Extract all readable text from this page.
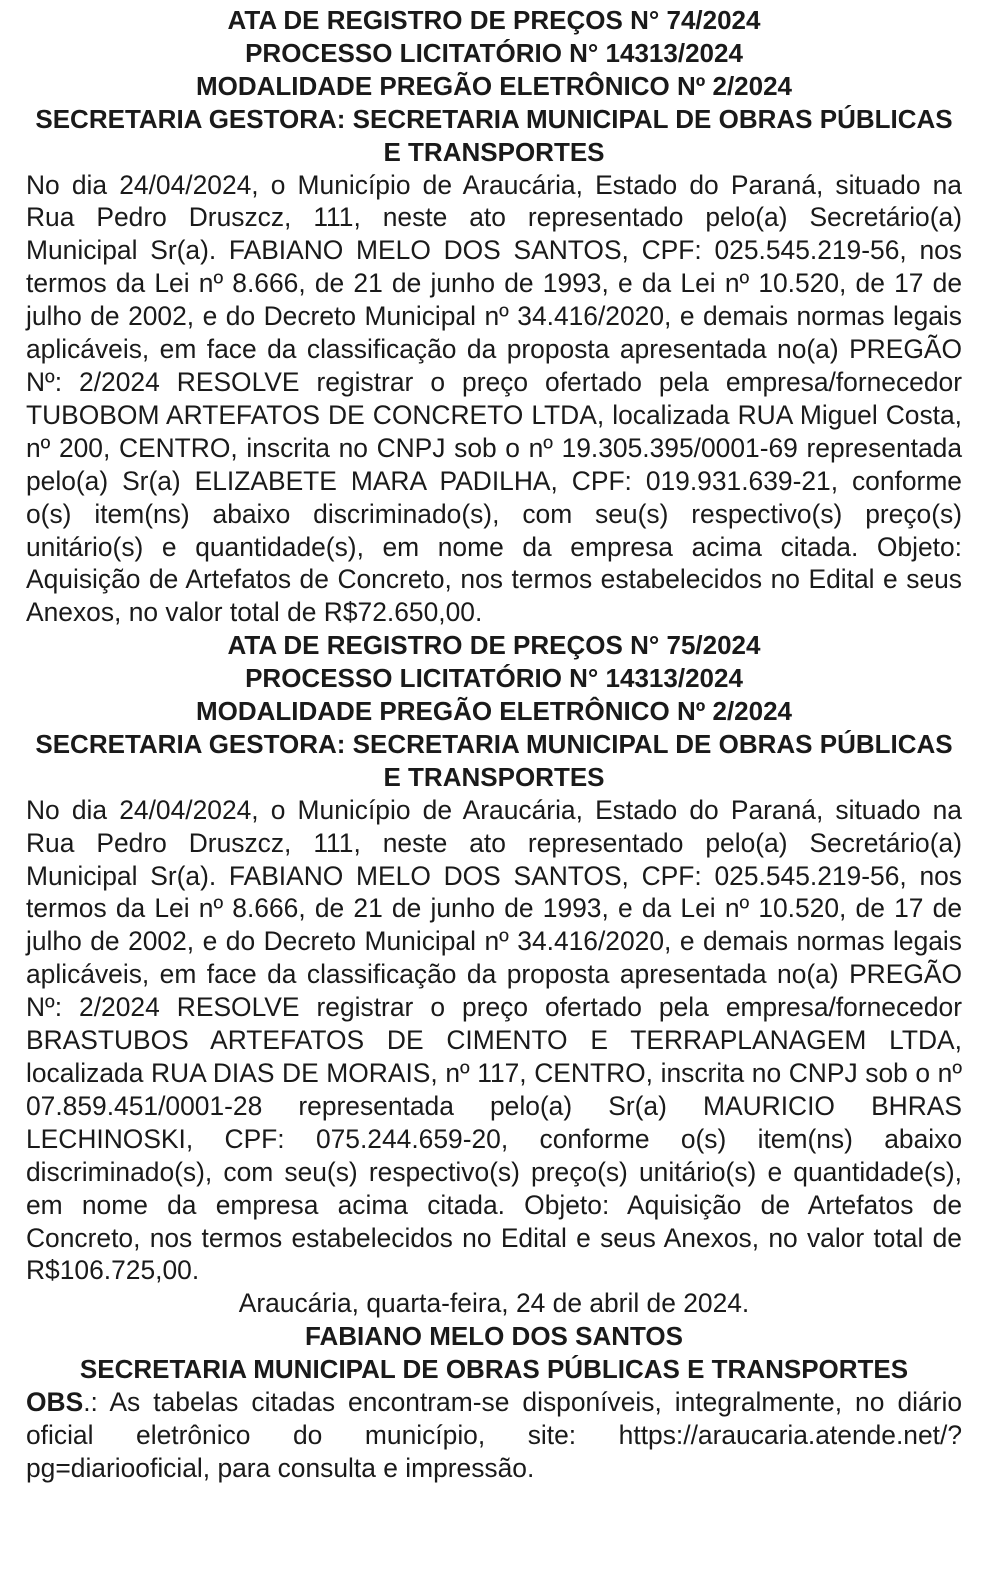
ATA DE REGISTRO DE PREÇOS N° 74/2024

PROCESSO LICITATÓRIO N° 14313/2024

MODALIDADE PREGÃO ELETRÔNICO Nº 2/2024

SECRETARIA GESTORA: SECRETARIA MUNICIPAL DE OBRAS PÚBLICAS E TRANSPORTES

No dia 24/04/2024, o Município de Araucária, Estado do Paraná, situado na Rua Pedro Druszcz, 111, neste ato representado pelo(a) Secretário(a) Municipal Sr(a). FABIANO MELO DOS SANTOS, CPF: 025.545.219-56, nos termos da Lei nº 8.666, de 21 de junho de 1993, e da Lei nº 10.520, de 17 de julho de 2002, e do Decreto Municipal nº 34.416/2020, e demais normas legais aplicáveis, em face da classificação da proposta apresentada no(a) PREGÃO Nº: 2/2024 RESOLVE registrar o preço ofertado pela empresa/fornecedor TUBOBOM ARTEFATOS DE CONCRETO LTDA, localizada RUA Miguel Costa, nº 200, CENTRO, inscrita no CNPJ sob o nº 19.305.395/0001-69 representada pelo(a) Sr(a) ELIZABETE MARA PADILHA, CPF: 019.931.639-21, conforme o(s) item(ns) abaixo discriminado(s), com seu(s) respectivo(s) preço(s) unitário(s) e quantidade(s), em nome da empresa acima citada. Objeto: Aquisição de Artefatos de Concreto, nos termos estabelecidos no Edital e seus Anexos, no valor total de R$72.650,00.

ATA DE REGISTRO DE PREÇOS N° 75/2024

PROCESSO LICITATÓRIO N° 14313/2024

MODALIDADE PREGÃO ELETRÔNICO Nº 2/2024

SECRETARIA GESTORA: SECRETARIA MUNICIPAL DE OBRAS PÚBLICAS E TRANSPORTES

No dia 24/04/2024, o Município de Araucária, Estado do Paraná, situado na Rua Pedro Druszcz, 111, neste ato representado pelo(a) Secretário(a) Municipal Sr(a). FABIANO MELO DOS SANTOS, CPF: 025.545.219-56, nos termos da Lei nº 8.666, de 21 de junho de 1993, e da Lei nº 10.520, de 17 de julho de 2002, e do Decreto Municipal nº 34.416/2020, e demais normas legais aplicáveis, em face da classificação da proposta apresentada no(a) PREGÃO Nº: 2/2024 RESOLVE registrar o preço ofertado pela empresa/fornecedor BRASTUBOS ARTEFATOS DE CIMENTO E TERRAPLANAGEM LTDA, localizada RUA DIAS DE MORAIS, nº 117, CENTRO, inscrita no CNPJ sob o nº 07.859.451/0001-28 representada pelo(a) Sr(a) MAURICIO BHRAS LECHINOSKI, CPF: 075.244.659-20, conforme o(s) item(ns) abaixo discriminado(s), com seu(s) respectivo(s) preço(s) unitário(s) e quantidade(s), em nome da empresa acima citada. Objeto: Aquisição de Artefatos de Concreto, nos termos estabelecidos no Edital e seus Anexos, no valor total de R$106.725,00.

Araucária, quarta-feira, 24 de abril de 2024.

FABIANO MELO DOS SANTOS

SECRETARIA MUNICIPAL DE OBRAS PÚBLICAS E TRANSPORTES

OBS.: As tabelas citadas encontram-se disponíveis, integralmente, no diário oficial eletrônico do município, site: https://araucaria.atende.net/?pg=diariooficial, para consulta e impressão.
